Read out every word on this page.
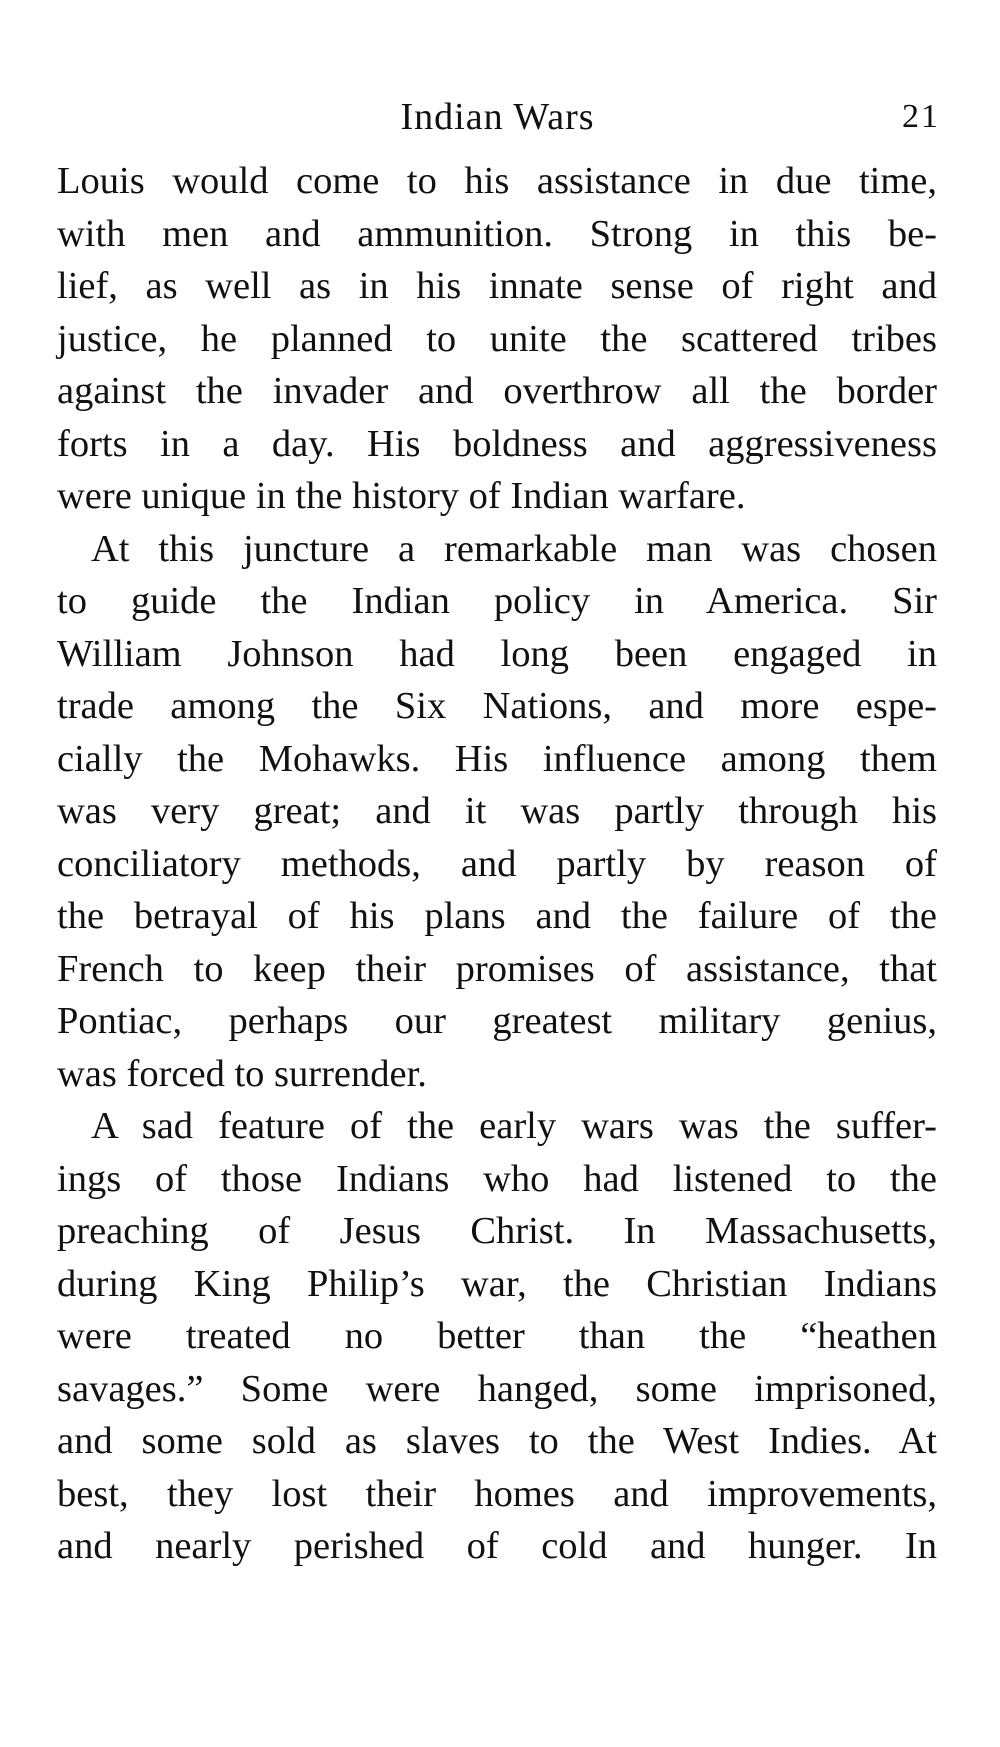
Indian Wars	21
Louis would come to his assistance in due time,
with men and ammunition. Strong in this be-
lief, as well as in his innate sense of right and
justice, he planned to unite the scattered tribes
against the invader and overthrow all the border
forts in a day. His boldness and aggressiveness
were unique in the history of Indian warfare.
At this juncture a remarkable man was chosen
to guide the Indian policy in America. Sir
William Johnson had long been engaged in
trade among the Six Nations, and more espe-
cially the Mohawks. His influence among them
was very great; and it was partly through his
conciliatory methods, and partly by reason of
the betrayal of his plans and the failure of the
French to keep their promises of assistance, that
Pontiac, perhaps our greatest military genius,
was forced to surrender.
A sad feature of the early wars was the suffer-
ings of those Indians who had listened to the
preaching of Jesus Christ. In Massachusetts,
during King Philip’s war, the Christian Indians
were treated no better than the “heathen
savages.” Some were hanged, some imprisoned,
and some sold as slaves to the West Indies. At
best, they lost their homes and improvements,
and nearly perished of cold and hunger. In
